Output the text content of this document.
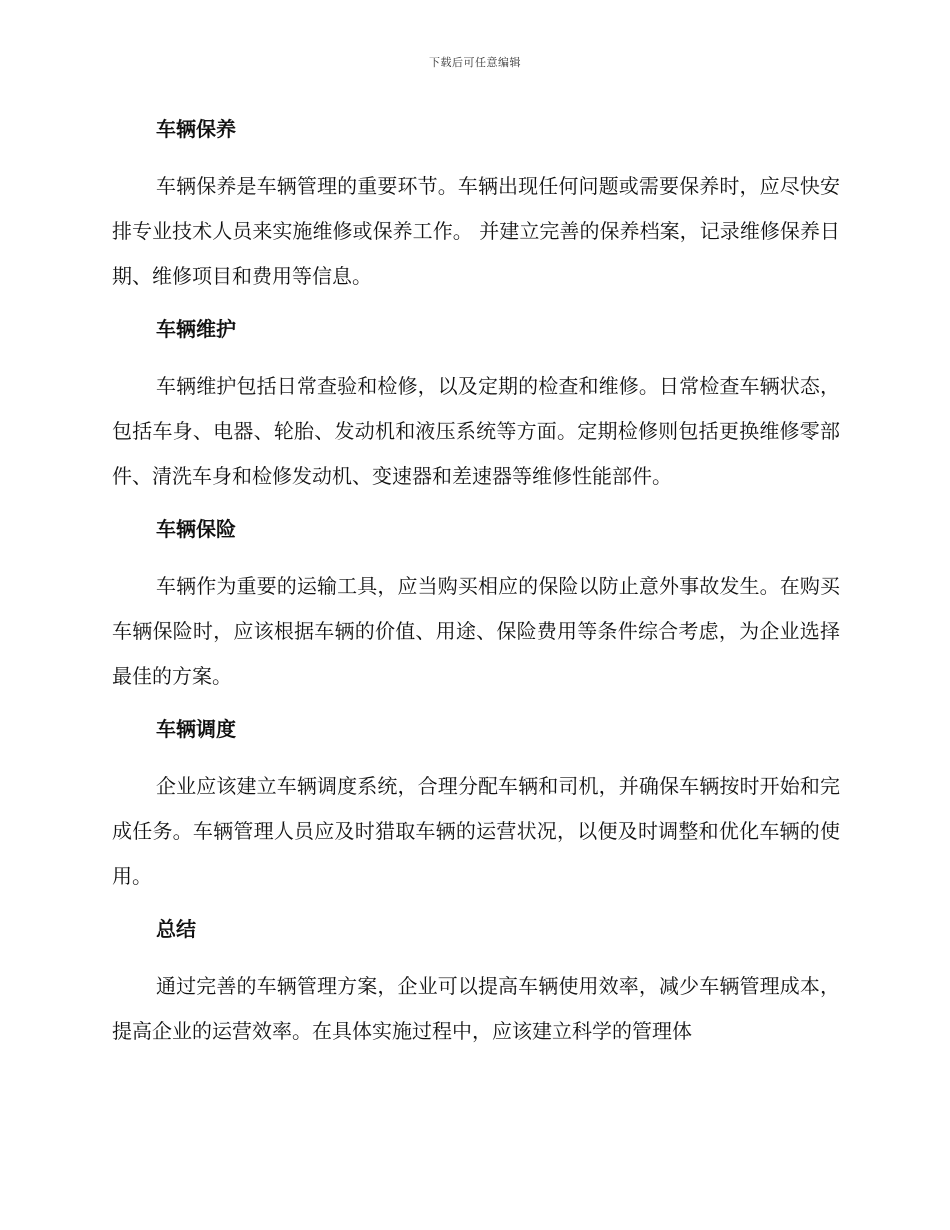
下载后可任意编辑
车辆保养

车辆保养是车辆管理的重要环节。车辆出现任何问题或需要保养时，应尽快安排专业技术人员来实施维修或保养工作。 并建立完善的保养档案，记录维修保养日期、维修项目和费用等信息。

车辆维护

车辆维护包括日常查验和检修，以及定期的检查和维修。日常检查车辆状态，包括车身、电器、轮胎、发动机和液压系统等方面。定期检修则包括更换维修零部件、清洗车身和检修发动机、变速器和差速器等维修性能部件。

车辆保险

车辆作为重要的运输工具，应当购买相应的保险以防止意外事故发生。在购买车辆保险时，应该根据车辆的价值、用途、保险费用等条件综合考虑，为企业选择最佳的方案。

车辆调度

企业应该建立车辆调度系统，合理分配车辆和司机，并确保车辆按时开始和完成任务。车辆管理人员应及时猎取车辆的运营状况，以便及时调整和优化车辆的使用。

总结

通过完善的车辆管理方案，企业可以提高车辆使用效率，减少车辆管理成本，提高企业的运营效率。在具体实施过程中，应该建立科学的管理体
